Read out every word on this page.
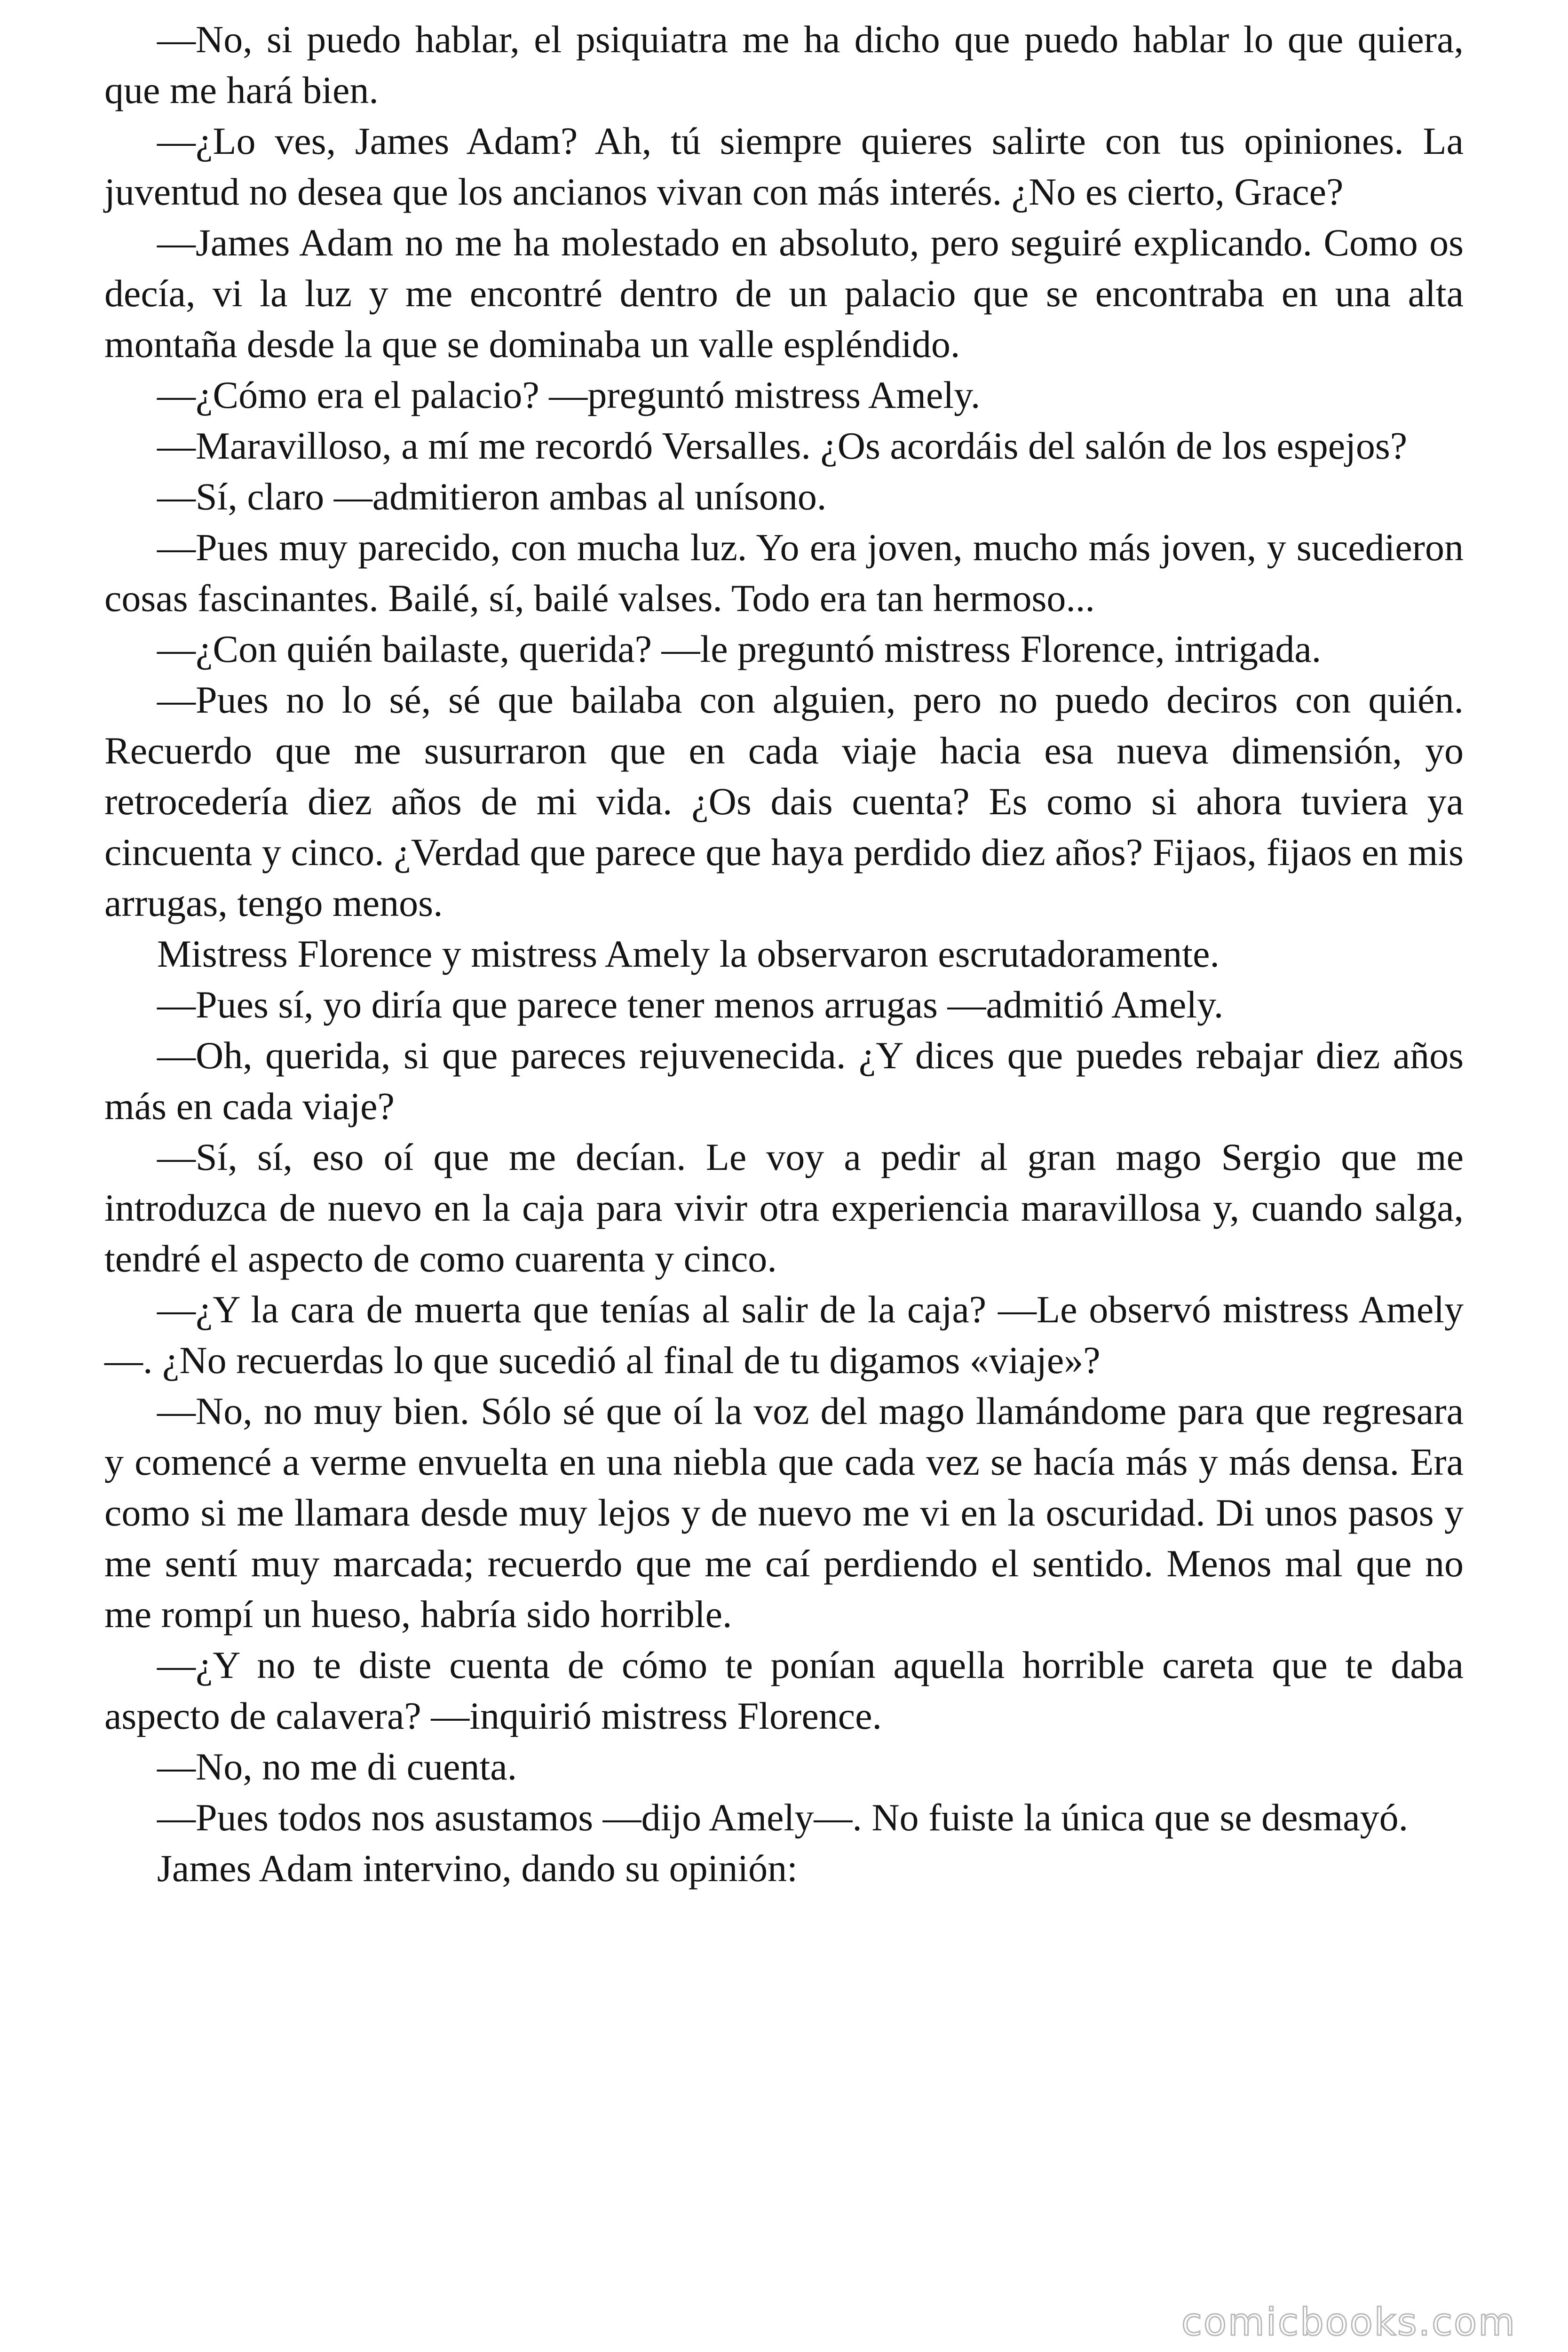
—No, si puedo hablar, el psiquiatra me ha dicho que puedo hablar lo que quiera, que me hará bien.

—¿Lo ves, James Adam? Ah, tú siempre quieres salirte con tus opiniones. La juventud no desea que los ancianos vivan con más interés. ¿No es cierto, Grace?

—James Adam no me ha molestado en absoluto, pero seguiré explicando. Como os decía, vi la luz y me encontré dentro de un palacio que se encontraba en una alta montaña desde la que se dominaba un valle espléndido.

—¿Cómo era el palacio? —preguntó mistress Amely.

—Maravilloso, a mí me recordó Versalles. ¿Os acordáis del salón de los espejos?

—Sí, claro —admitieron ambas al unísono.

—Pues muy parecido, con mucha luz. Yo era joven, mucho más joven, y sucedieron cosas fascinantes. Bailé, sí, bailé valses. Todo era tan hermoso...

—¿Con quién bailaste, querida? —le preguntó mistress Florence, intrigada.

—Pues no lo sé, sé que bailaba con alguien, pero no puedo deciros con quién. Recuerdo que me susurraron que en cada viaje hacia esa nueva dimensión, yo retrocedería diez años de mi vida. ¿Os dais cuenta? Es como si ahora tuviera ya cincuenta y cinco. ¿Verdad que parece que haya perdido diez años? Fijaos, fijaos en mis arrugas, tengo menos.

Mistress Florence y mistress Amely la observaron escrutadoramente.

—Pues sí, yo diría que parece tener menos arrugas —admitió Amely.

—Oh, querida, si que pareces rejuvenecida. ¿Y dices que puedes rebajar diez años más en cada viaje?

—Sí, sí, eso oí que me decían. Le voy a pedir al gran mago Sergio que me introduzca de nuevo en la caja para vivir otra experiencia maravillosa y, cuando salga, tendré el aspecto de como cuarenta y cinco.

—¿Y la cara de muerta que tenías al salir de la caja? —Le observó mistress Amely—. ¿No recuerdas lo que sucedió al final de tu digamos «viaje»?

—No, no muy bien. Sólo sé que oí la voz del mago llamándome para que regresara y comencé a verme envuelta en una niebla que cada vez se hacía más y más densa. Era como si me llamara desde muy lejos y de nuevo me vi en la oscuridad. Di unos pasos y me sentí muy marcada; recuerdo que me caí perdiendo el sentido. Menos mal que no me rompí un hueso, habría sido horrible.

—¿Y no te diste cuenta de cómo te ponían aquella horrible careta que te daba aspecto de calavera? —inquirió mistress Florence.

—No, no me di cuenta.

—Pues todos nos asustamos —dijo Amely—. No fuiste la única que se desmayó.

James Adam intervino, dando su opinión:

comicbooks.com
